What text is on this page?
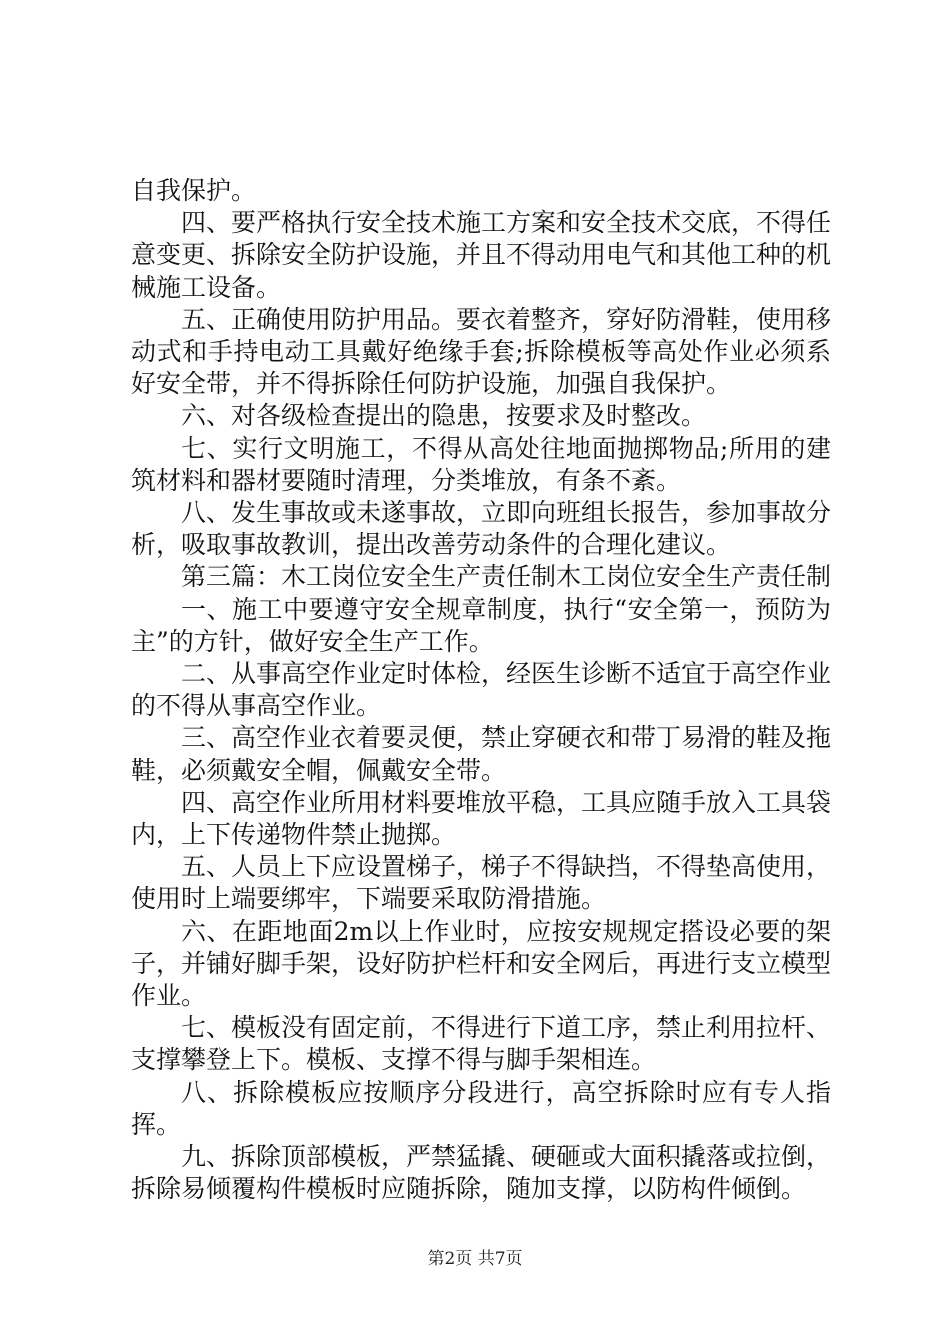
自我保护。

四、要严格执行安全技术施工方案和安全技术交底，不得任意变更、拆除安全防护设施，并且不得动用电气和其他工种的机械施工设备。

五、正确使用防护用品。要衣着整齐，穿好防滑鞋，使用移动式和手持电动工具戴好绝缘手套;拆除模板等高处作业必须系好安全带，并不得拆除任何防护设施，加强自我保护。

六、对各级检查提出的隐患，按要求及时整改。

七、实行文明施工，不得从高处往地面抛掷物品;所用的建筑材料和器材要随时清理，分类堆放，有条不紊。

八、发生事故或未遂事故，立即向班组长报告，参加事故分析，吸取事故教训，提出改善劳动条件的合理化建议。

第三篇：木工岗位安全生产责任制木工岗位安全生产责任制

一、施工中要遵守安全规章制度，执行“安全第一，预防为主”的方针，做好安全生产工作。

二、从事高空作业定时体检，经医生诊断不适宜于高空作业的不得从事高空作业。

三、高空作业衣着要灵便，禁止穿硬衣和带丁易滑的鞋及拖鞋，必须戴安全帽，佩戴安全带。

四、高空作业所用材料要堆放平稳，工具应随手放入工具袋内，上下传递物件禁止抛掷。

五、人员上下应设置梯子，梯子不得缺挡，不得垫高使用，使用时上端要绑牢，下端要采取防滑措施。

六、在距地面2m以上作业时，应按安规规定搭设必要的架子，并铺好脚手架，设好防护栏杆和安全网后，再进行支立模型作业。

七、模板没有固定前，不得进行下道工序，禁止利用拉杆、支撑攀登上下。模板、支撑不得与脚手架相连。

八、拆除模板应按顺序分段进行，高空拆除时应有专人指挥。

九、拆除顶部模板，严禁猛撬、硬砸或大面积撬落或拉倒，拆除易倾覆构件模板时应随拆除，随加支撑，以防构件倾倒。

第2页 共7页
